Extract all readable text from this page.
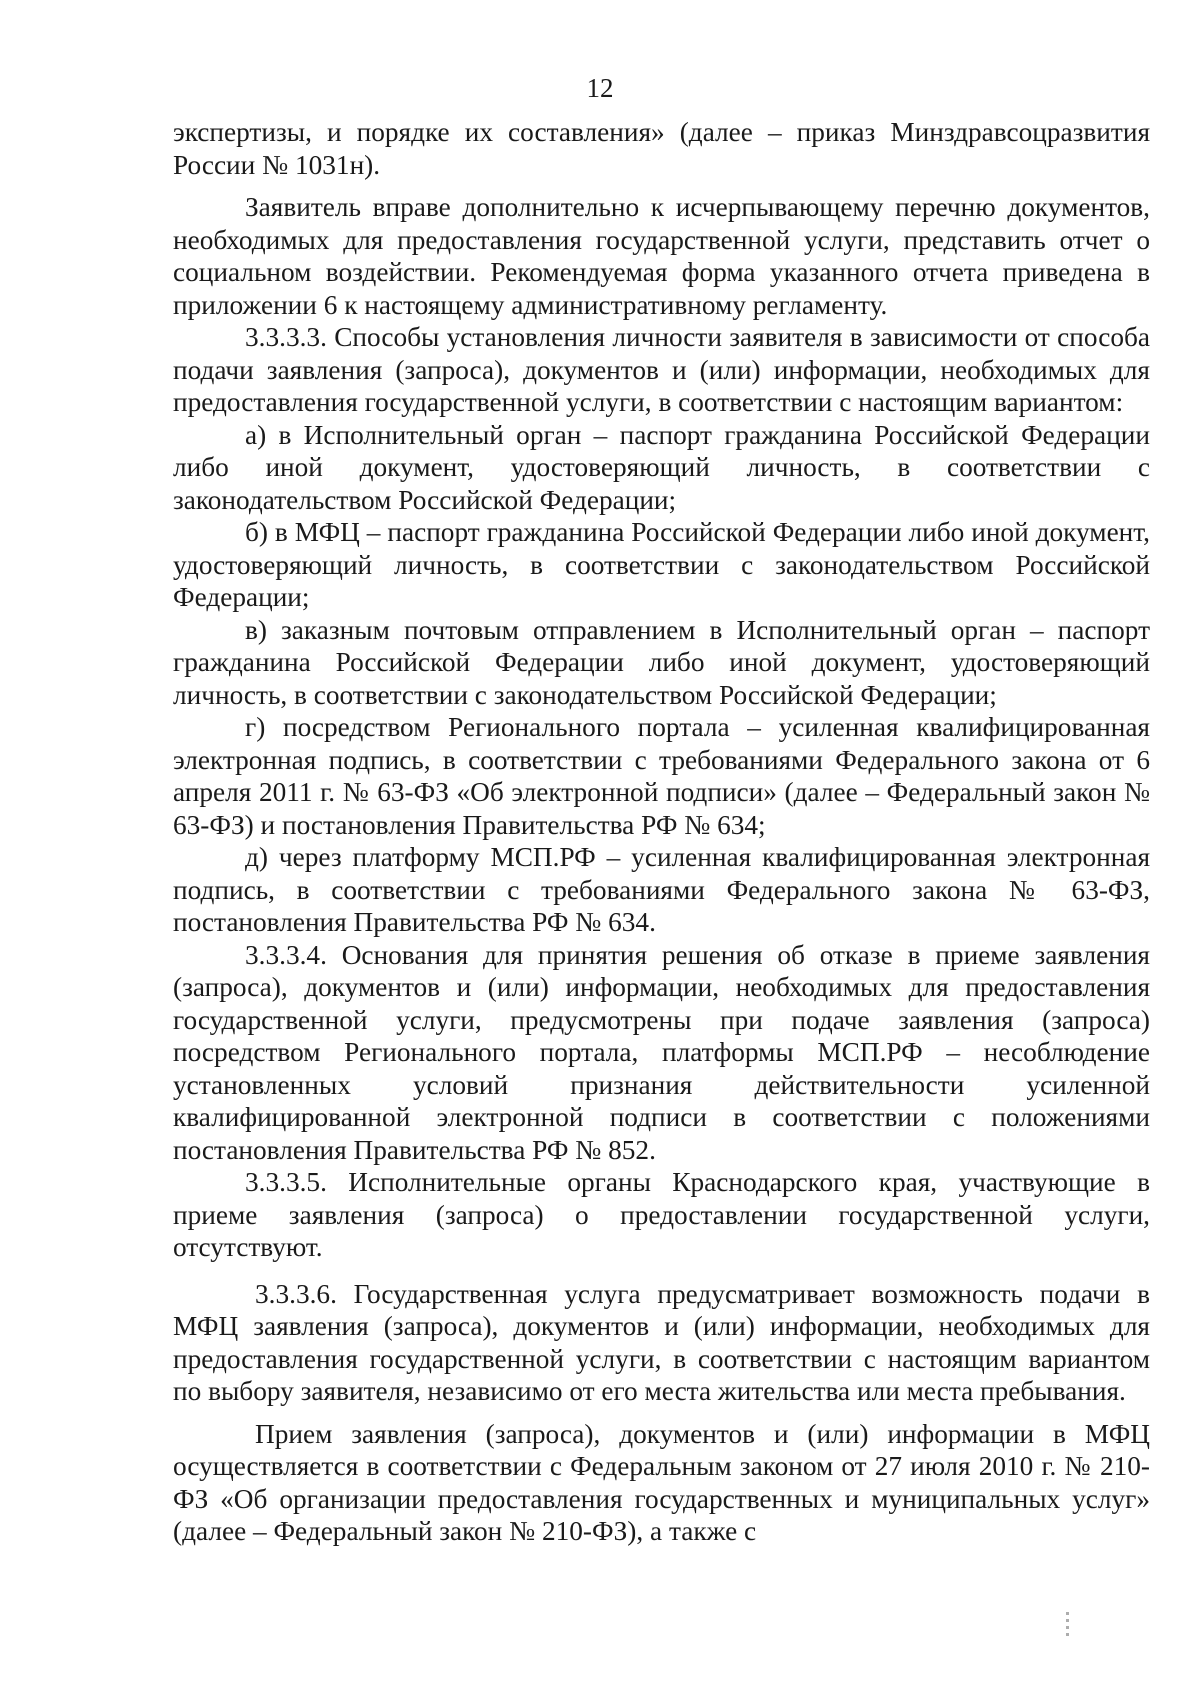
12

экспертизы, и порядке их составления» (далее – приказ Минздравсоцразвития России № 1031н).

Заявитель вправе дополнительно к исчерпывающему перечню документов, необходимых для предоставления государственной услуги, представить отчет о социальном воздействии. Рекомендуемая форма указанного отчета приведена в приложении 6 к настоящему административному регламенту.

3.3.3.3. Способы установления личности заявителя в зависимости от способа подачи заявления (запроса), документов и (или) информации, необходимых для предоставления государственной услуги, в соответствии с настоящим вариантом:

а) в Исполнительный орган – паспорт гражданина Российской Федерации либо иной документ, удостоверяющий личность, в соответствии с законодательством Российской Федерации;

б) в МФЦ – паспорт гражданина Российской Федерации либо иной документ, удостоверяющий личность, в соответствии с законодательством Российской Федерации;

в) заказным почтовым отправлением в Исполнительный орган – паспорт гражданина Российской Федерации либо иной документ, удостоверяющий личность, в соответствии с законодательством Российской Федерации;

г) посредством Регионального портала – усиленная квалифицированная электронная подпись, в соответствии с требованиями Федерального закона от 6 апреля 2011 г. № 63-ФЗ «Об электронной подписи» (далее – Федеральный закон № 63-ФЗ) и постановления Правительства РФ № 634;

д) через платформу МСП.РФ – усиленная квалифицированная электронная подпись, в соответствии с требованиями Федерального закона № 63-ФЗ, постановления Правительства РФ № 634.

3.3.3.4. Основания для принятия решения об отказе в приеме заявления (запроса), документов и (или) информации, необходимых для предоставления государственной услуги, предусмотрены при подаче заявления (запроса) посредством Регионального портала, платформы МСП.РФ – несоблюдение установленных условий признания действительности усиленной квалифицированной электронной подписи в соответствии с положениями постановления Правительства РФ № 852.

3.3.3.5. Исполнительные органы Краснодарского края, участвующие в приеме заявления (запроса) о предоставлении государственной услуги, отсутствуют.

3.3.3.6. Государственная услуга предусматривает возможность подачи в МФЦ заявления (запроса), документов и (или) информации, необходимых для предоставления государственной услуги, в соответствии с настоящим вариантом по выбору заявителя, независимо от его места жительства или места пребывания.

Прием заявления (запроса), документов и (или) информации в МФЦ осуществляется в соответствии с Федеральным законом от 27 июля 2010 г. № 210-ФЗ «Об организации предоставления государственных и муниципальных услуг» (далее – Федеральный закон № 210-ФЗ), а также с
